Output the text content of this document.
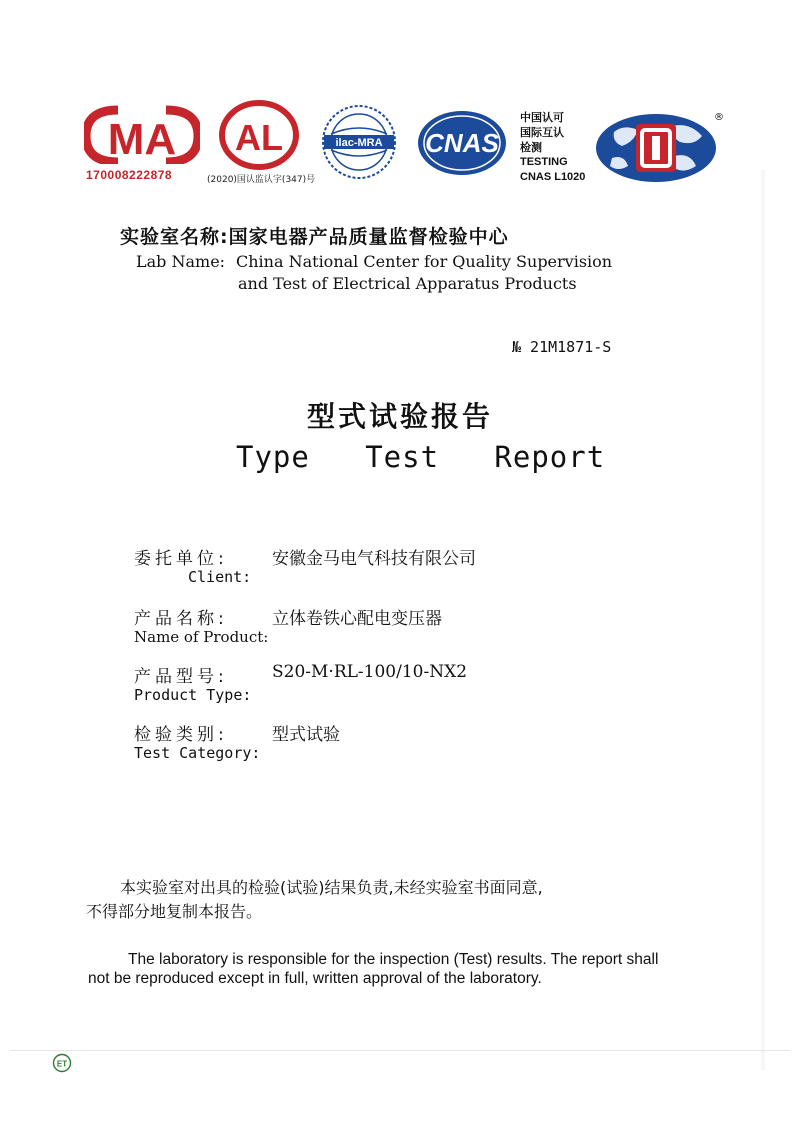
MA
170008222878
AL
(2020)国认监认字(347)号
ilac-MRA CNAS
中国认可
国际互认
检测
TESTING
CNAS L1020
®
实验室名称:国家电器产品质量监督检验中心
Lab Name: China National Center for Quality Supervision
and Test of Electrical Apparatus Products
№ 21M1871-S
型式试验报告
Type   Test   Report
委托单位:	安徽金马电气科技有限公司
Client:
产品名称:	立体卷铁心配电变压器
Name of Product:
产品型号:	S20-M·RL-100/10-NX2
Product Type:
检验类别:	型式试验
Test Category:
本实验室对出具的检验(试验)结果负责,未经实验室书面同意,
不得部分地复制本报告。
The laboratory is responsible for the inspection (Test) results. The report shall
not be reproduced except in full, written approval of the laboratory.
ET
